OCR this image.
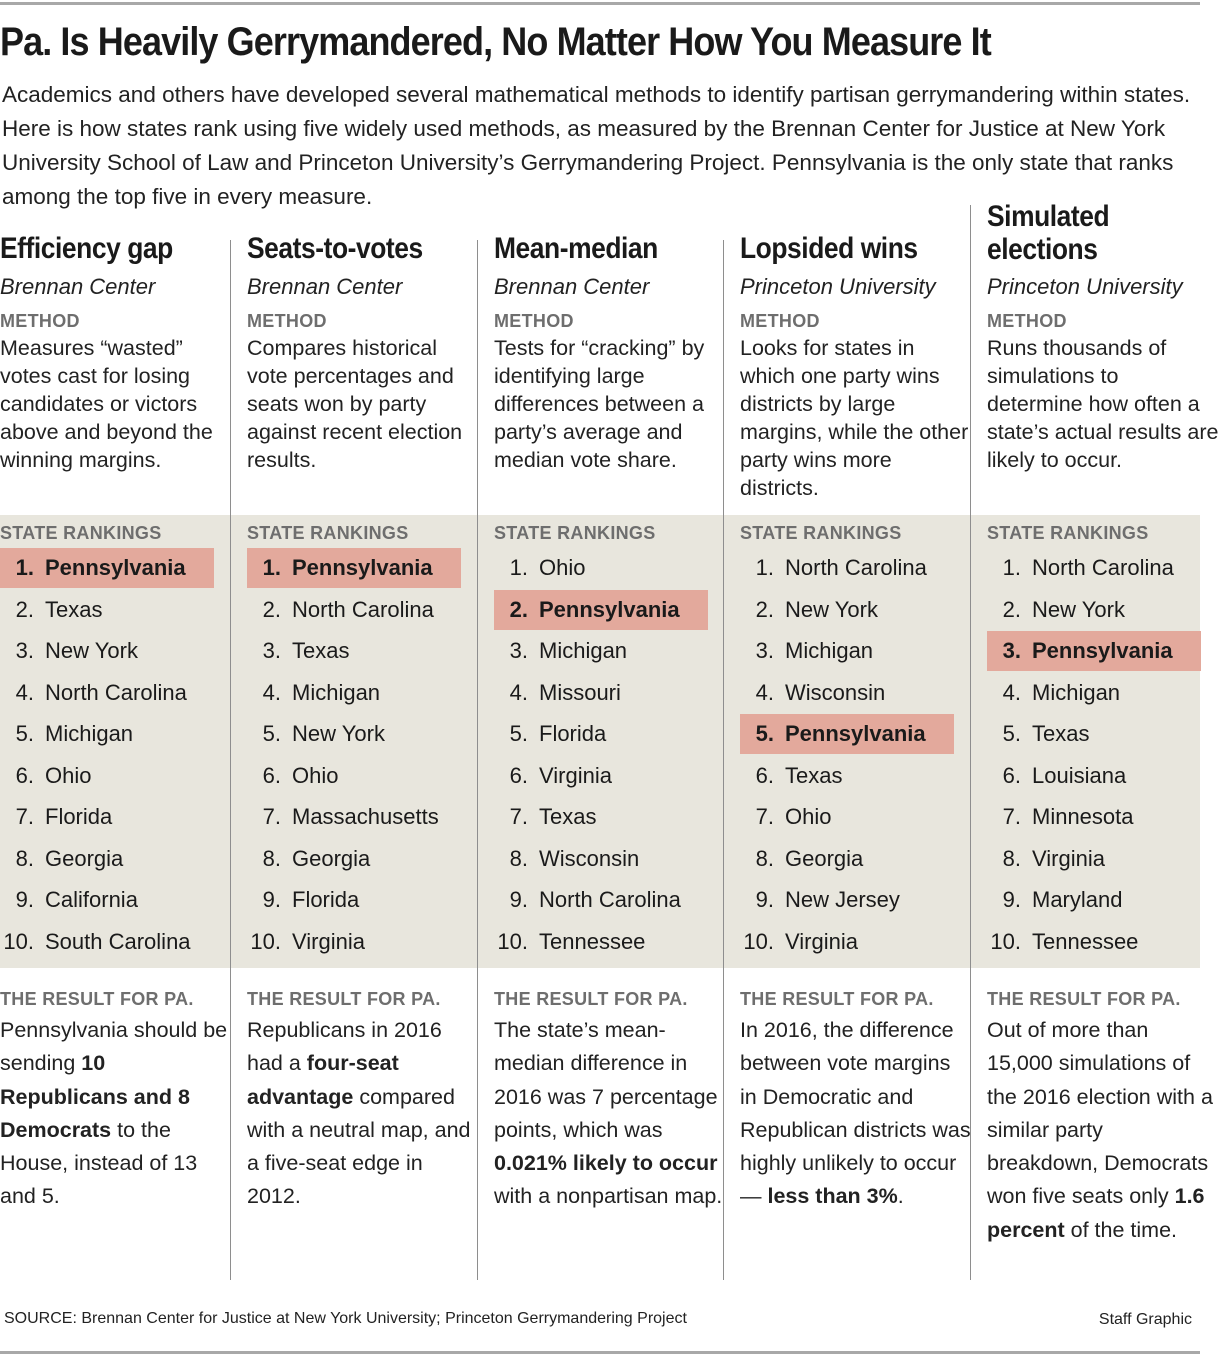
Pa. Is Heavily Gerrymandered, No Matter How You Measure It
Academics and others have developed several mathematical methods to identify partisan gerrymandering within states. Here is how states rank using five widely used methods, as measured by the Brennan Center for Justice at New York University School of Law and Princeton University’s Gerrymandering Project. Pennsylvania is the only state that ranks among the top five in every measure.
Efficiency gap
Brennan Center
METHOD
Measures “wasted” votes cast for losing candidates or victors above and beyond the winning margins.
STATE RANKINGS
1. Pennsylvania
2. Texas
3. New York
4. North Carolina
5. Michigan
6. Ohio
7. Florida
8. Georgia
9. California
10. South Carolina
THE RESULT FOR PA.
Pennsylvania should be sending 10 Republicans and 8 Democrats to the House, instead of 13 and 5.
Seats-to-votes
Brennan Center
METHOD
Compares historical vote percentages and seats won by party against recent election results.
STATE RANKINGS
1. Pennsylvania
2. North Carolina
3. Texas
4. Michigan
5. New York
6. Ohio
7. Massachusetts
8. Georgia
9. Florida
10. Virginia
THE RESULT FOR PA.
Republicans in 2016 had a four-seat advantage compared with a neutral map, and a five-seat edge in 2012.
Mean-median
Brennan Center
METHOD
Tests for “cracking” by identifying large differences between a party’s average and median vote share.
STATE RANKINGS
1. Ohio
2. Pennsylvania
3. Michigan
4. Missouri
5. Florida
6. Virginia
7. Texas
8. Wisconsin
9. North Carolina
10. Tennessee
THE RESULT FOR PA.
The state’s mean-median difference in 2016 was 7 percentage points, which was 0.021% likely to occur with a nonpartisan map.
Lopsided wins
Princeton University
METHOD
Looks for states in which one party wins districts by large margins, while the other party wins more districts.
STATE RANKINGS
1. North Carolina
2. New York
3. Michigan
4. Wisconsin
5. Pennsylvania
6. Texas
7. Ohio
8. Georgia
9. New Jersey
10. Virginia
THE RESULT FOR PA.
In 2016, the difference between vote margins in Democratic and Republican districts was highly unlikely to occur — less than 3%.
Simulated elections
Princeton University
METHOD
Runs thousands of simulations to determine how often a state’s actual results are likely to occur.
STATE RANKINGS
1. North Carolina
2. New York
3. Pennsylvania
4. Michigan
5. Texas
6. Louisiana
7. Minnesota
8. Virginia
9. Maryland
10. Tennessee
THE RESULT FOR PA.
Out of more than 15,000 simulations of the 2016 election with a similar party breakdown, Democrats won five seats only 1.6 percent of the time.
SOURCE: Brennan Center for Justice at New York University; Princeton Gerrymandering Project	Staff Graphic
